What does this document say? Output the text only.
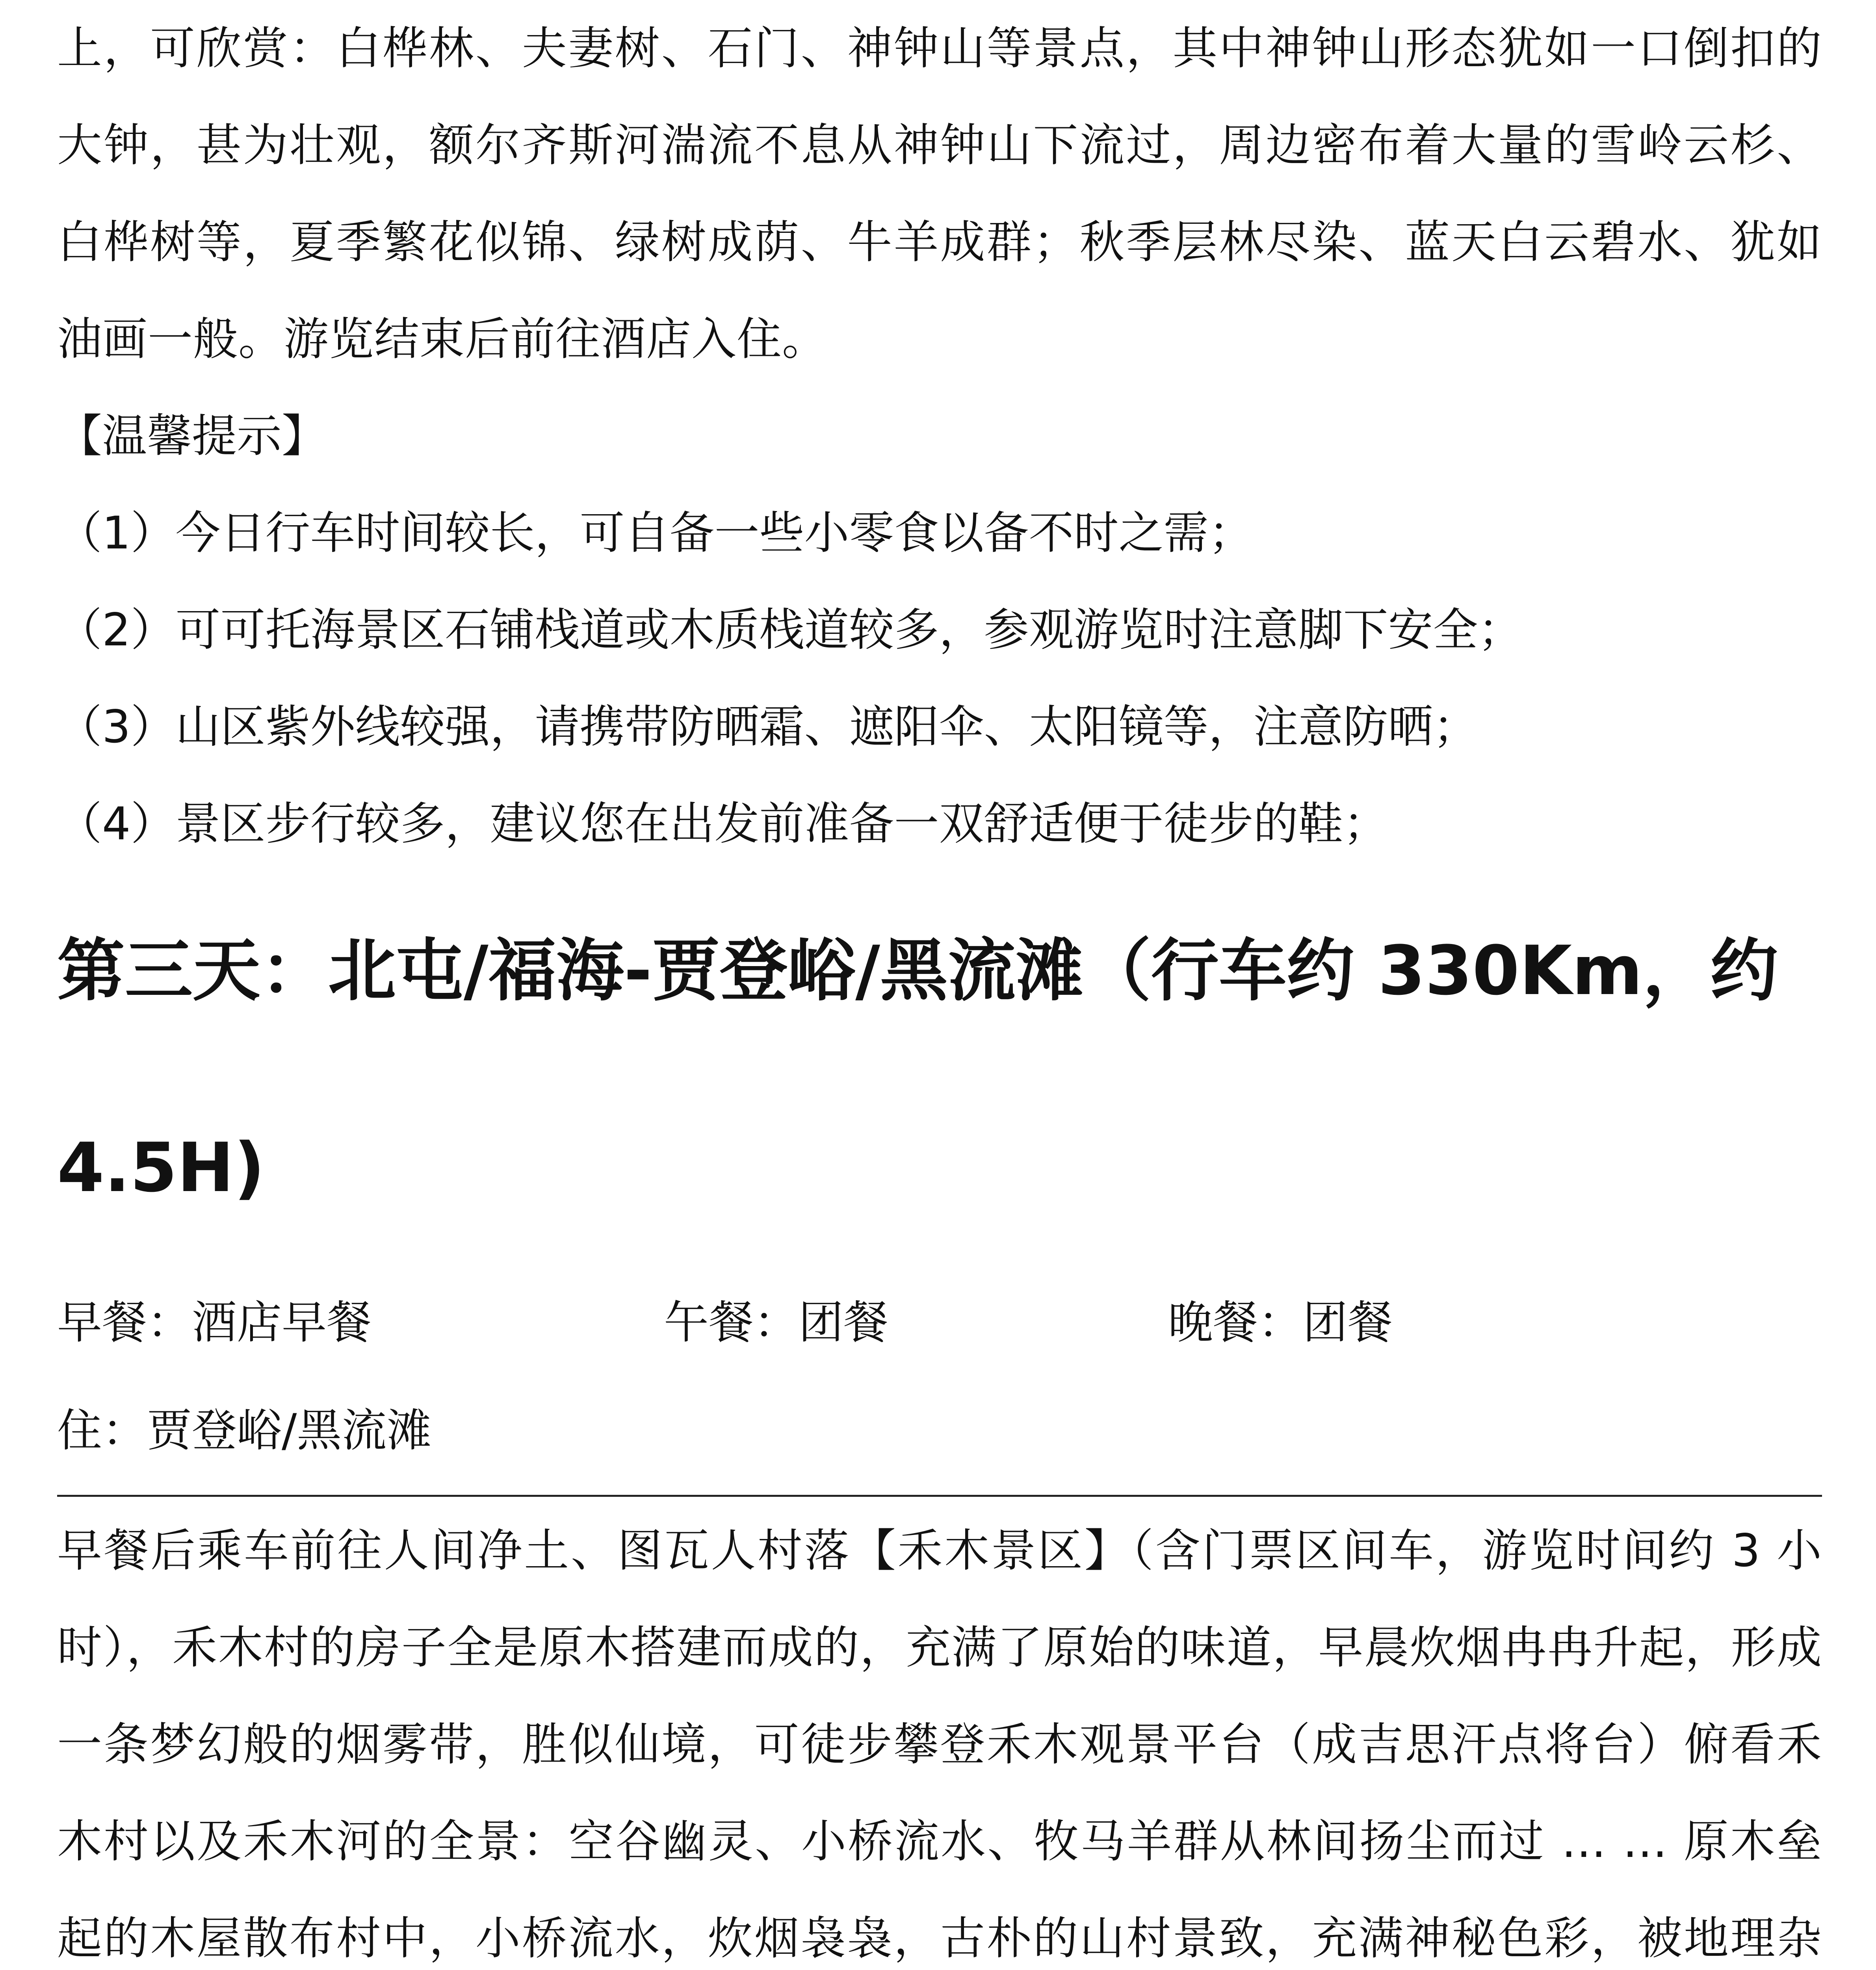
上，可欣赏：白桦林、夫妻树、石门、神钟山等景点，其中神钟山形态犹如一口倒扣的大钟，甚为壮观，额尔齐斯河湍流不息从神钟山下流过，周边密布着大量的雪岭云杉、白桦树等，夏季繁花似锦、绿树成荫、牛羊成群；秋季层林尽染、蓝天白云碧水、犹如油画一般。游览结束后前往酒店入住。

【温馨提示】

（1）今日行车时间较长，可自备一些小零食以备不时之需；

（2）可可托海景区石铺栈道或木质栈道较多，参观游览时注意脚下安全；

（3）山区紫外线较强，请携带防晒霜、遮阳伞、太阳镜等，注意防晒；

（4）景区步行较多，建议您在出发前准备一双舒适便于徒步的鞋；

第三天：北屯/福海-贾登峪/黑流滩（行车约 330Km，约 4.5H)
早餐：酒店早餐	午餐：团餐	晚餐：团餐
住：贾登峪/黑流滩

早餐后乘车前往人间净土、图瓦人村落【禾木景区】（含门票区间车，游览时间约 3 小时），禾木村的房子全是原木搭建而成的，充满了原始的味道，早晨炊烟冉冉升起，形成一条梦幻般的烟雾带，胜似仙境，可徒步攀登禾木观景平台（成吉思汗点将台）俯看禾木村以及禾木河的全景：空谷幽灵、小桥流水、牧马羊群从林间扬尘而过 … … 原木垒起的木屋散布村中，小桥流水，炊烟袅袅，古朴的山村景致，充满神秘色彩，被地理杂
